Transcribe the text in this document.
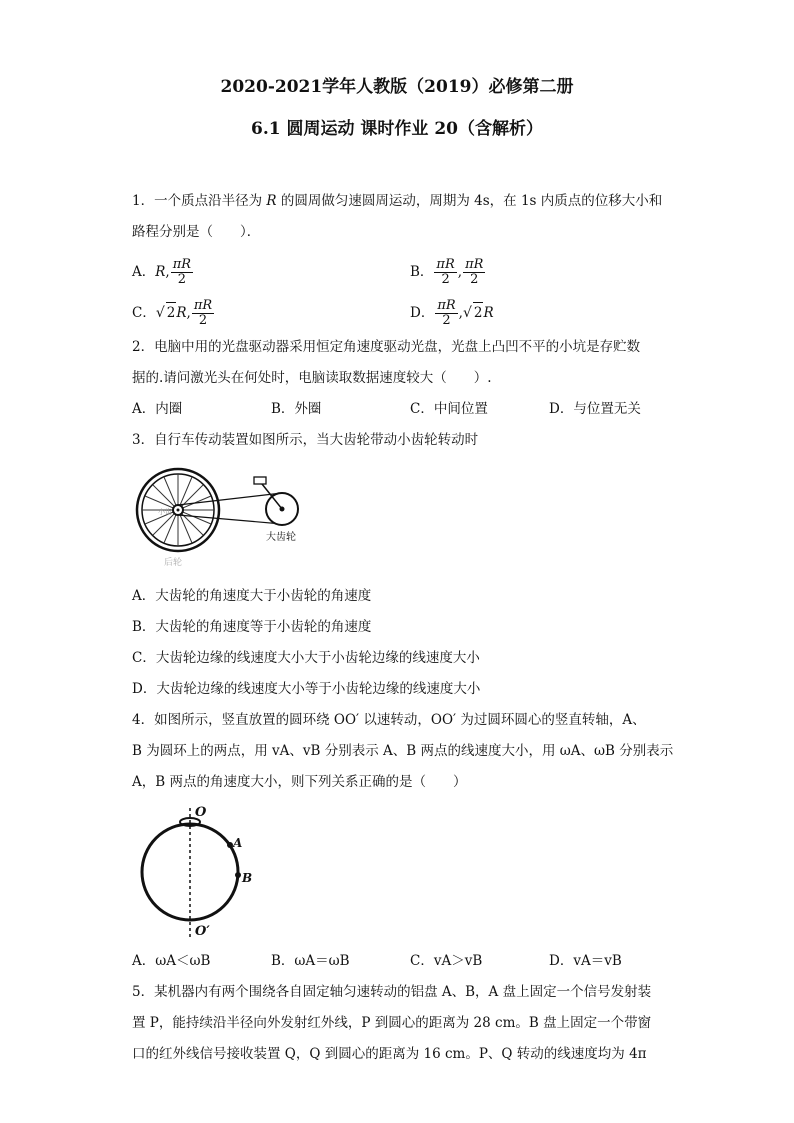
2020-2021学年人教版（2019）必修第二册
6.1 圆周运动 课时作业 20（含解析）
1．一个质点沿半径为 R 的圆周做匀速圆周运动，周期为 4s，在 1s 内质点的位移大小和
路程分别是（　　）．
A．R, $\frac{\pi R}{2}$	B． $\frac{\pi R}{2}$ , $\frac{\pi R}{2}$
C．√ 2R, $\frac{\pi R}{2}$	D． $\frac{\pi R}{2}$ ,√ 2R
2．电脑中用的光盘驱动器采用恒定角速度驱动光盘，光盘上凸凹不平的小坑是存贮数
据的.请问激光头在何处时，电脑读取数据速度较大（　　）.
A．内圈	B．外圈	C．中间位置	D．与位置无关
3．自行车传动装置如图所示，当大齿轮带动小齿轮转动时
大齿轮
小齿
后轮
A．大齿轮的角速度大于小齿轮的角速度
B．大齿轮的角速度等于小齿轮的角速度
C．大齿轮边缘的线速度大小大于小齿轮边缘的线速度大小
D．大齿轮边缘的线速度大小等于小齿轮边缘的线速度大小
4．如图所示，竖直放置的圆环绕 OO′ 以速转动，OO′ 为过圆环圆心的竖直转轴，A、
B 为圆环上的两点，用 vA、vB 分别表示 A、B 两点的线速度大小，用 ωA、ωB 分别表示
A，B 两点的角速度大小，则下列关系正确的是（　　）
O
A
B
O′
A．ωA＜ωB	B．ωA＝ωB	C．vA＞vB	D．vA＝vB
5．某机器内有两个围绕各自固定轴匀速转动的铝盘 A、B，A 盘上固定一个信号发射装
置 P，能持续沿半径向外发射红外线，P 到圆心的距离为 28 cm。B 盘上固定一个带窗
口的红外线信号接收装置 Q，Q 到圆心的距离为 16 cm。P、Q 转动的线速度均为 4π
